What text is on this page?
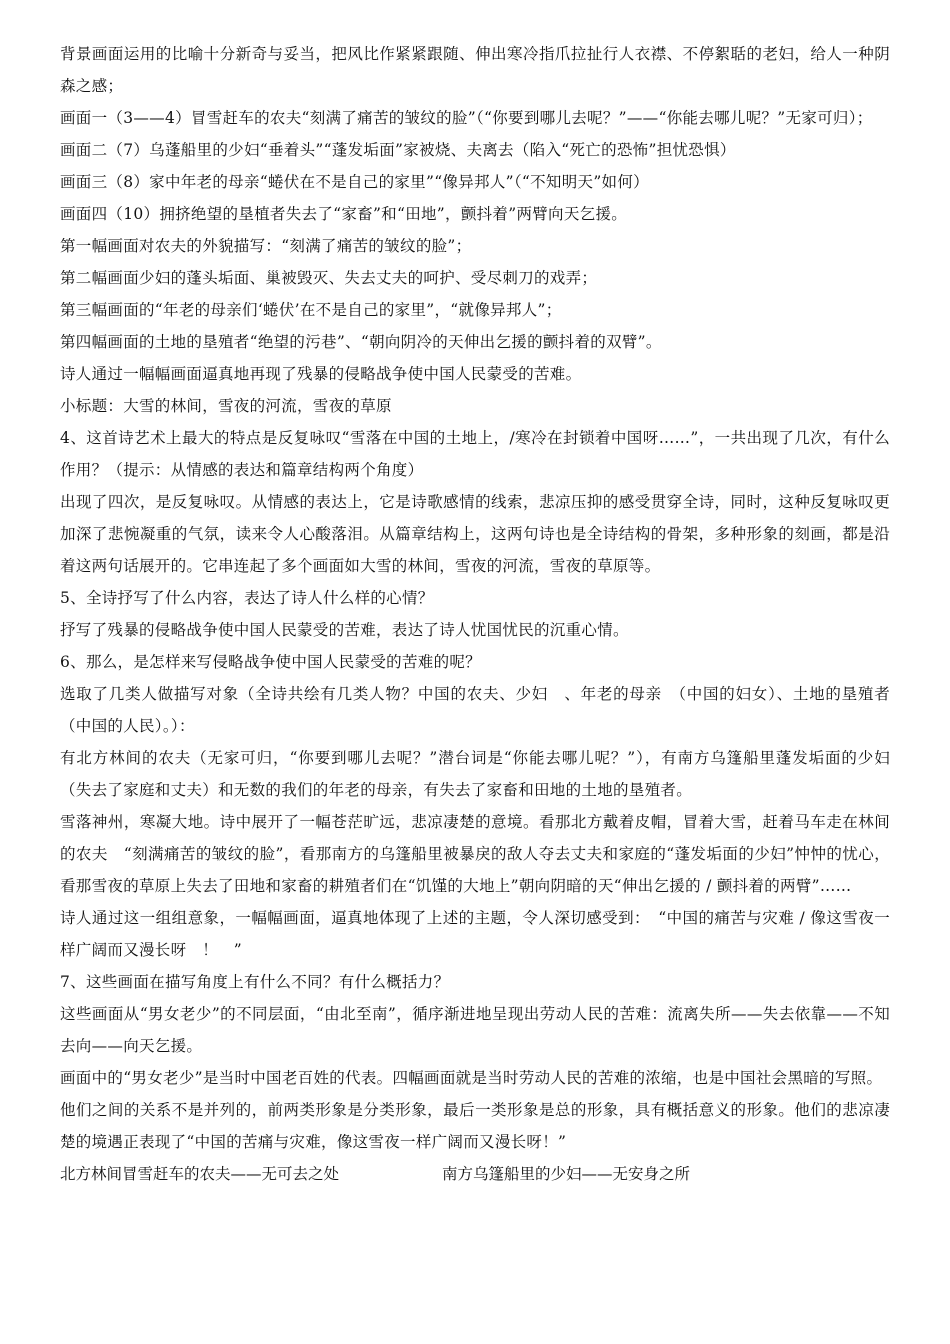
背景画面运用的比喻十分新奇与妥当，把风比作紧紧跟随、伸出寒冷指爪拉扯行人衣襟、不停絮聒的老妇，给人一种阴森之感；

画面一（3——4）冒雪赶车的农夫“刻满了痛苦的皱纹的脸”（“你要到哪儿去呢？”——“你能去哪儿呢？”无家可归）；

画面二（7）乌蓬船里的少妇“垂着头”“蓬发垢面”家被烧、夫离去（陷入“死亡的恐怖”担忧恐惧）

画面三（8）家中年老的母亲“蜷伏在不是自己的家里”“像异邦人”（“不知明天”如何）

画面四（10）拥挤绝望的垦植者失去了“家畜”和“田地”，颤抖着”两臂向天乞援。

第一幅画面对农夫的外貌描写：“刻满了痛苦的皱纹的脸”；

第二幅画面少妇的蓬头垢面、巢被毁灭、失去丈夫的呵护、受尽刺刀的戏弄；

第三幅画面的“年老的母亲们‘蜷伏’在不是自己的家里”，“就像异邦人”；

第四幅画面的土地的垦殖者“绝望的污巷”、“朝向阴冷的天伸出乞援的颤抖着的双臂”。

诗人通过一幅幅画面逼真地再现了残暴的侵略战争使中国人民蒙受的苦难。

小标题：大雪的林间，雪夜的河流，雪夜的草原

4、这首诗艺术上最大的特点是反复咏叹“雪落在中国的土地上，/寒冷在封锁着中国呀……”，一共出现了几次，有什么作用？（提示：从情感的表达和篇章结构两个角度）

出现了四次，是反复咏叹。从情感的表达上，它是诗歌感情的线索，悲凉压抑的感受贯穿全诗，同时，这种反复咏叹更加深了悲惋凝重的气氛，读来令人心酸落泪。从篇章结构上，这两句诗也是全诗结构的骨架，多种形象的刻画，都是沿着这两句话展开的。它串连起了多个画面如大雪的林间，雪夜的河流，雪夜的草原等。

5、全诗抒写了什么内容，表达了诗人什么样的心情？

抒写了残暴的侵略战争使中国人民蒙受的苦难，表达了诗人忧国忧民的沉重心情。

6、那么，是怎样来写侵略战争使中国人民蒙受的苦难的呢？

选取了几类人做描写对象（全诗共绘有几类人物？中国的农夫、少妇　、年老的母亲　（中国的妇女）、土地的垦殖者　（中国的人民）。）：

有北方林间的农夫（无家可归，“你要到哪儿去呢？”潜台词是“你能去哪儿呢？”），有南方乌篷船里蓬发垢面的少妇（失去了家庭和丈夫）和无数的我们的年老的母亲，有失去了家畜和田地的土地的垦殖者。

雪落神州，寒凝大地。诗中展开了一幅苍茫旷远，悲凉凄楚的意境。看那北方戴着皮帽，冒着大雪，赶着马车走在林间的农夫　“刻满痛苦的皱纹的脸”，看那南方的乌篷船里被暴戾的敌人夺去丈夫和家庭的“蓬发垢面的少妇”忡忡的忧心，看那雪夜的草原上失去了田地和家畜的耕殖者们在“饥馑的大地上”朝向阴暗的天“伸出乞援的 / 颤抖着的两臂”……

诗人通过这一组组意象，一幅幅画面，逼真地体现了上述的主题，令人深切感受到：　“中国的痛苦与灾难 / 像这雪夜一样广阔而又漫长呀　！　”

7、这些画面在描写角度上有什么不同？有什么概括力？

这些画面从“男女老少”的不同层面，“由北至南”，循序渐进地呈现出劳动人民的苦难：流离失所——失去依靠——不知去向——向天乞援。

画面中的“男女老少”是当时中国老百姓的代表。四幅画面就是当时劳动人民的苦难的浓缩，也是中国社会黑暗的写照。

他们之间的关系不是并列的，前两类形象是分类形象，最后一类形象是总的形象，具有概括意义的形象。他们的悲凉凄楚的境遇正表现了“中国的苦痛与灾难，像这雪夜一样广阔而又漫长呀！”

北方林间冒雪赶车的农夫——无可去之处	南方乌篷船里的少妇——无安身之所
